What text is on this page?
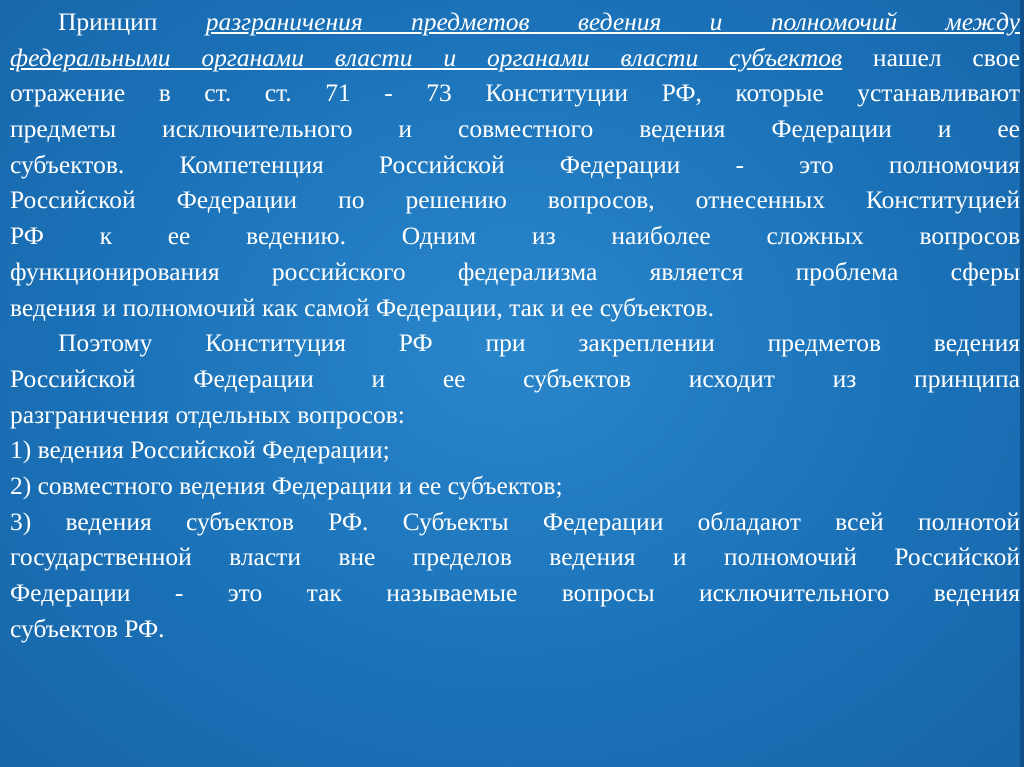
Принцип разграничения предметов ведения и полномочий между
федеральными органами власти и органами власти субъектов нашел свое
отражение в ст. ст. 71 - 73 Конституции РФ, которые устанавливают
предметы исключительного и совместного ведения Федерации и ее
субъектов. Компетенция Российской Федерации - это полномочия
Российской Федерации по решению вопросов, отнесенных Конституцией
РФ к ее ведению. Одним из наиболее сложных вопросов
функционирования российского федерализма является проблема сферы
ведения и полномочий как самой Федерации, так и ее субъектов.
Поэтому Конституция РФ при закреплении предметов ведения
Российской Федерации и ее субъектов исходит из принципа
разграничения отдельных вопросов:
1) ведения Российской Федерации;
2) совместного ведения Федерации и ее субъектов;
3) ведения субъектов РФ. Субъекты Федерации обладают всей полнотой
государственной власти вне пределов ведения и полномочий Российской
Федерации - это так называемые вопросы исключительного ведения
субъектов РФ.
